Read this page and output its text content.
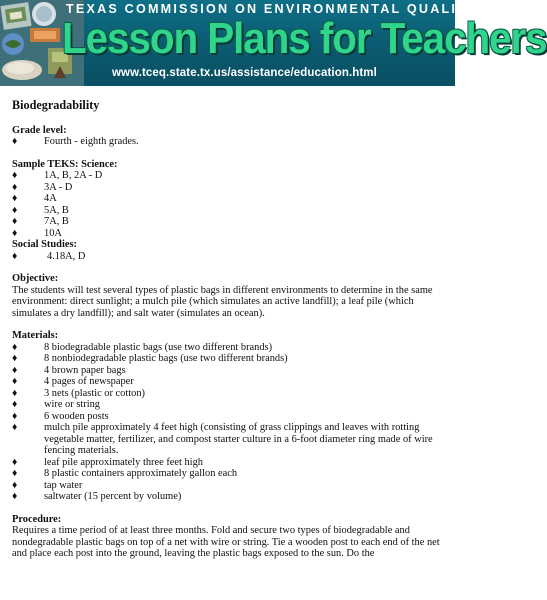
TEXAS COMMISSION ON ENVIRONMENTAL QUALITY
Lesson Plans for Teachers
www.tceq.state.tx.us/assistance/education.html
Biodegradability
Grade level:
♦	Fourth - eighth grades.
Sample TEKS: Science:
♦	1A, B, 2A - D
♦	3A - D
♦	4A
♦	5A, B
♦	7A, B
♦	10A
Social Studies:
♦	4.18A, D
Objective:

The students will test several types of plastic bags in different environments to determine in the same environment: direct sunlight; a mulch pile (which simulates an active landfill); a leaf pile (which simulates a dry landfill); and salt water (simulates an ocean).

Materials:
♦	8 biodegradable plastic bags (use two different brands)
♦	8 nonbiodegradable plastic bags (use two different brands)
♦	4 brown paper bags
♦	4 pages of newspaper
♦	3 nets (plastic or cotton)
♦	wire or string
♦	6 wooden posts
♦	mulch pile approximately 4 feet high (consisting of grass clippings and leaves with rotting vegetable matter, fertilizer, and compost starter culture in a 6-foot diameter ring made of wire fencing materials.
♦	leaf pile approximately three feet high
♦	8 plastic containers approximately gallon each
♦	tap water
♦	saltwater (15 percent by volume)
Procedure:

Requires a time period of at least three months. Fold and secure two types of biodegradable and nondegradable plastic bags on top of a net with wire or string. Tie a wooden post to each end of the net and place each post into the ground, leaving the plastic bags exposed to the sun. Do the
